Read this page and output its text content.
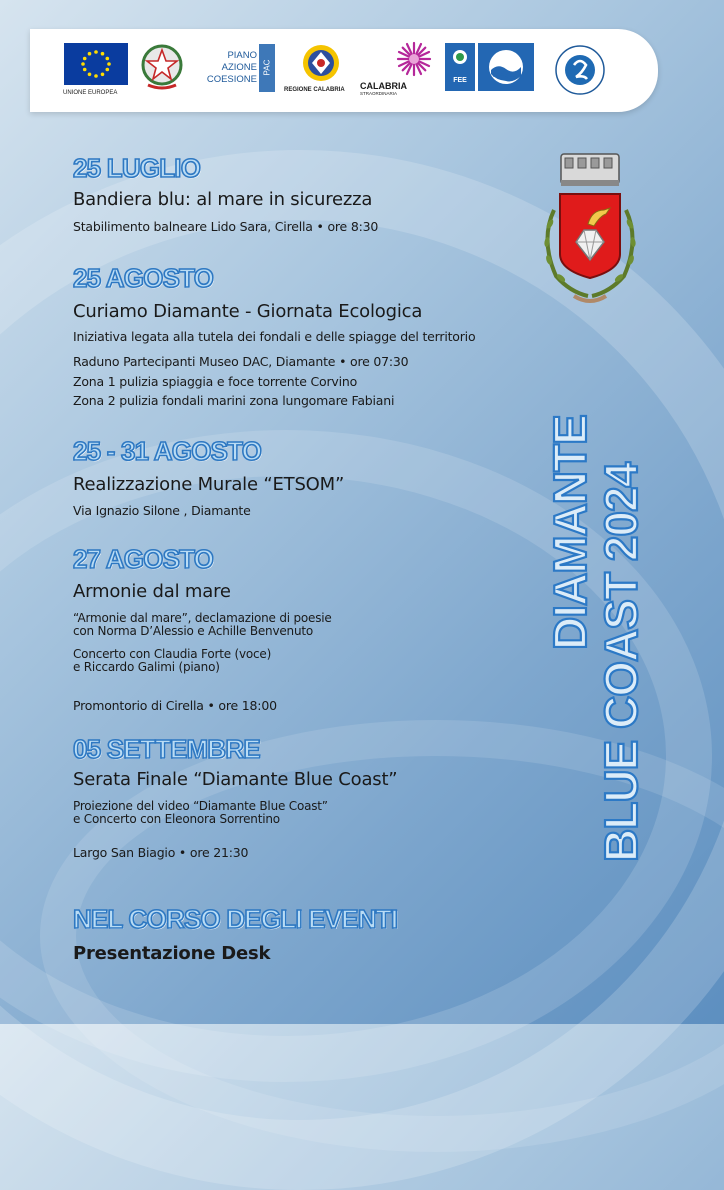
UNIONE EUROPEA
PIANO
AZIONE
COESIONE
PAC
REGIONE CALABRIA CALABRIA
STRAORDINARIA
FEE
25 LUGLIO
Bandiera blu: al mare in sicurezza
Stabilimento balneare Lido Sara, Cirella • ore 8:30
25 AGOSTO
Curiamo Diamante - Giornata Ecologica
Iniziativa legata alla tutela dei fondali e delle spiagge del territorio
Raduno Partecipanti Museo DAC, Diamante • ore 07:30
Zona 1 pulizia spiaggia e foce torrente Corvino
Zona 2 pulizia fondali marini zona lungomare Fabiani
25 - 31 AGOSTO
Realizzazione Murale “ETSOM”
Via Ignazio Silone , Diamante
27 AGOSTO
Armonie dal mare
“Armonie dal mare”, declamazione di poesie
con Norma D’Alessio e Achille Benvenuto
Concerto con Claudia Forte (voce)
e Riccardo Galimi (piano)
Promontorio di Cirella • ore 18:00
05 SETTEMBRE
Serata Finale “Diamante Blue Coast”
Proiezione del video “Diamante Blue Coast”
e Concerto con Eleonora Sorrentino
Largo San Biagio • ore 21:30
NEL CORSO DEGLI EVENTI
Presentazione Desk
DIAMANTE BLUE COAST 2024
